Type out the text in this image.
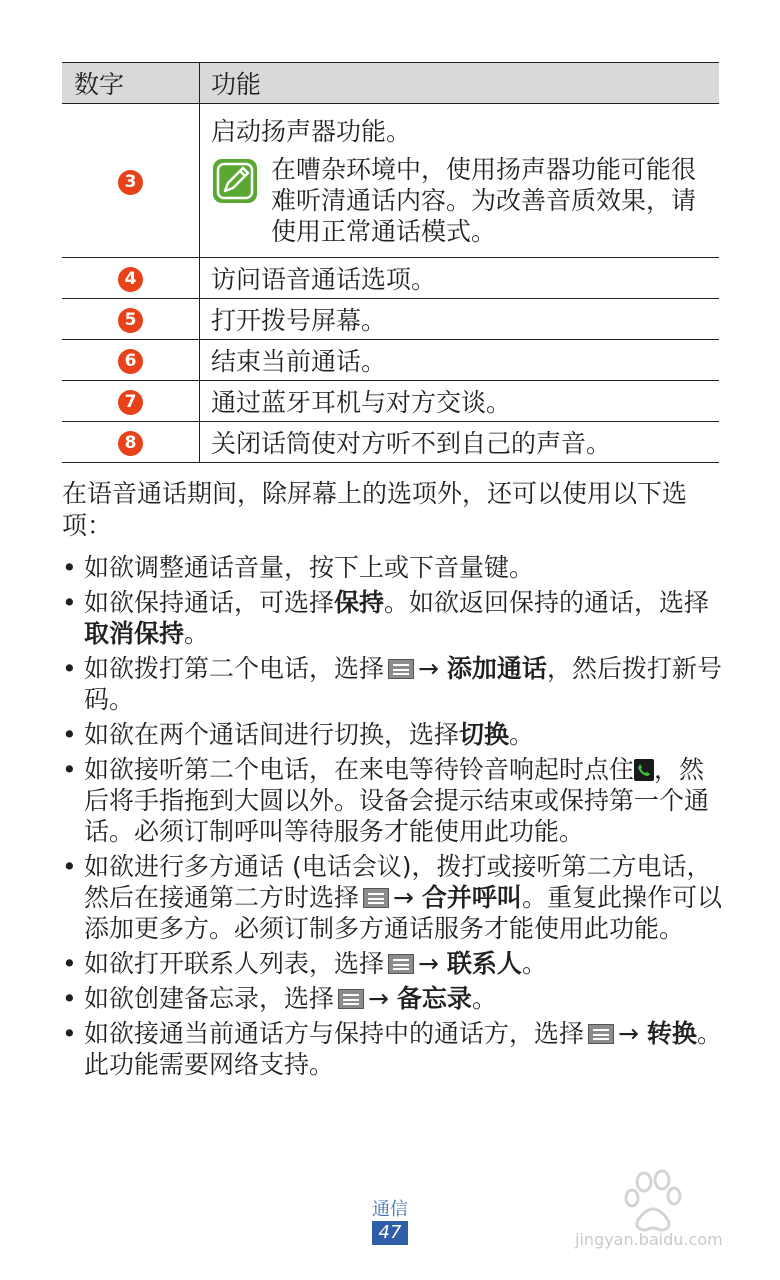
数字	功能
3	启动扬声器功能。
在嘈杂环境中，使用扬声器功能可能很难听清通话内容。为改善音质效果，请使用正常通话模式。

4	访问语音通话选项。
5	打开拨号屏幕。
6	结束当前通话。
7	通过蓝牙耳机与对方交谈。
8	关闭话筒使对方听不到自己的声音。

在语音通话期间，除屏幕上的选项外，还可以使用以下选项：

• 如欲调整通话音量，按下上或下音量键。
• 如欲保持通话，可选择保持。如欲返回保持的通话，选择取消保持。
• 如欲拨打第二个电话，选择 → 添加通话，然后拨打新号码。
• 如欲在两个通话间进行切换，选择切换。
• 如欲接听第二个电话，在来电等待铃音响起时点住 ，然后将手指拖到大圆以外。设备会提示结束或保持第一个通话。必须订制呼叫等待服务才能使用此功能。
• 如欲进行多方通话 (电话会议)，拨打或接听第二方电话，然后在接通第二方时选择 → 合并呼叫。重复此操作可以添加更多方。必须订制多方通话服务才能使用此功能。
• 如欲打开联系人列表，选择 → 联系人。
• 如欲创建备忘录，选择 → 备忘录。
• 如欲接通当前通话方与保持中的通话方，选择 → 转换。此功能需要网络支持。
通信
47	jingyan.baidu.com
